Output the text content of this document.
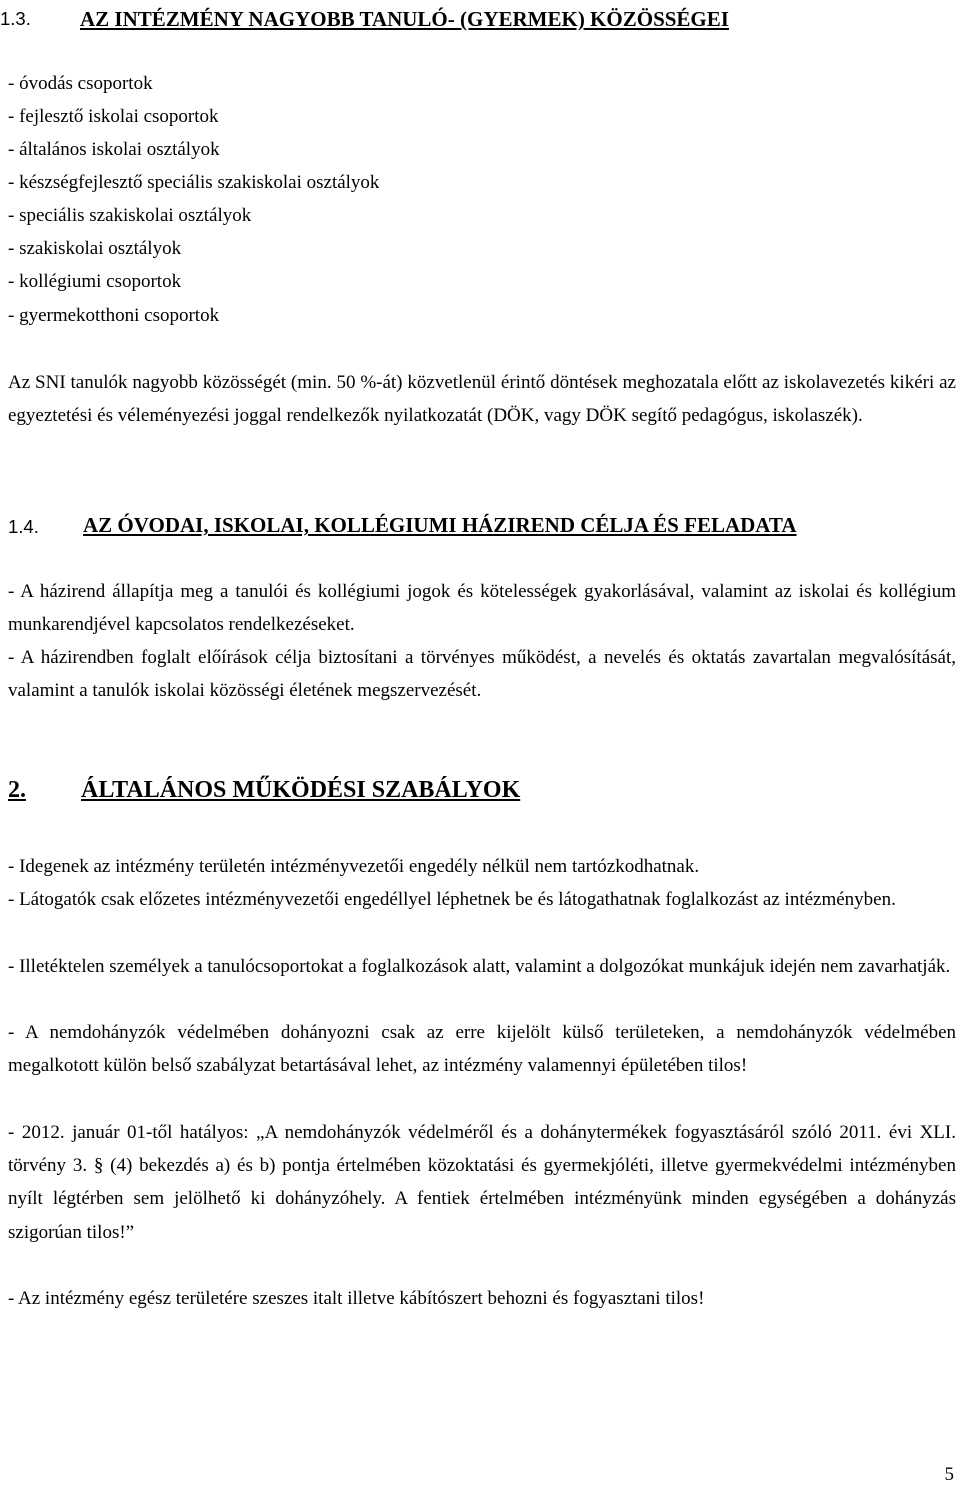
1.3. AZ INTÉZMÉNY NAGYOBB TANULÓ- (GYERMEK) KÖZÖSSÉGEI
- óvodás csoportok
- fejlesztő iskolai csoportok
- általános iskolai osztályok
- készségfejlesztő speciális szakiskolai osztályok
- speciális szakiskolai osztályok
- szakiskolai osztályok
- kollégiumi csoportok
- gyermekotthoni csoportok
Az SNI tanulók nagyobb közösségét (min. 50 %-át) közvetlenül érintő döntések meghozatala előtt az iskolavezetés kikéri az egyeztetési és véleményezési joggal rendelkezők nyilatkozatát (DÖK, vagy DÖK segítő pedagógus, iskolaszék).
1.4. AZ ÓVODAI, ISKOLAI, KOLLÉGIUMI HÁZIREND CÉLJA ÉS FELADATA
- A házirend állapítja meg a tanulói és kollégiumi jogok és kötelességek gyakorlásával, valamint az iskolai és kollégium munkarendjével kapcsolatos rendelkezéseket.
- A házirendben foglalt előírások célja biztosítani a törvényes működést, a nevelés és oktatás zavartalan megvalósítását, valamint a tanulók iskolai közösségi életének megszervezését.
2. ÁLTALÁNOS MŰKÖDÉSI SZABÁLYOK
- Idegenek az intézmény területén intézményvezetői engedély nélkül nem tartózkodhatnak.
- Látogatók csak előzetes intézményvezetői engedéllyel léphetnek be és látogathatnak foglalkozást az intézményben.
- Illetéktelen személyek a tanulócsoportokat a foglalkozások alatt, valamint a dolgozókat munkájuk idején nem zavarhatják.
- A nemdohányzók védelmében dohányozni csak az erre kijelölt külső területeken, a nemdohányzók védelmében megalkotott külön belső szabályzat betartásával lehet, az intézmény valamennyi épületében tilos!
- 2012. január 01-től hatályos: „A nemdohányzók védelméről és a dohánytermékek fogyasztásáról szóló 2011. évi XLI. törvény 3. § (4) bekezdés a) és b) pontja értelmében közoktatási és gyermekjóléti, illetve gyermekvédelmi intézményben nyílt légtérben sem jelölhető ki dohányzóhely. A fentiek értelmében intézményünk minden egységében a dohányzás szigorúan tilos!”
- Az intézmény egész területére szeszes italt illetve kábítószert behozni és fogyasztani tilos!
5
